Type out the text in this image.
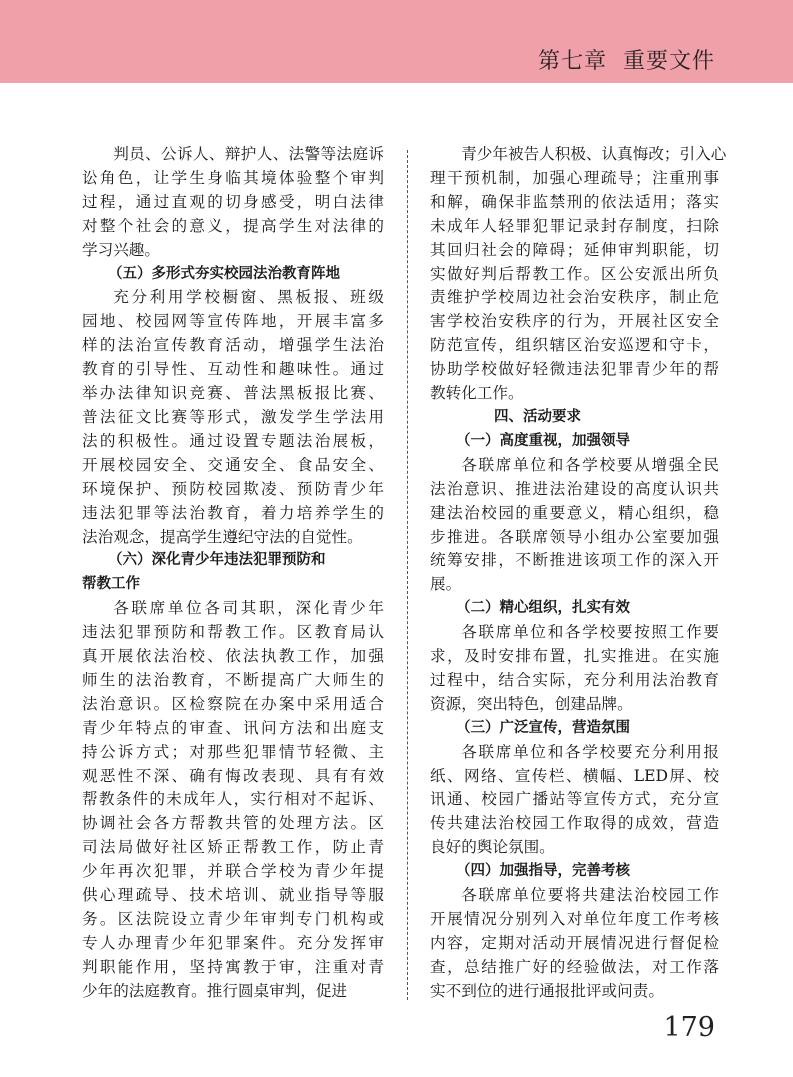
第七章  重要文件
判员、公诉人、辩护人、法警等法庭诉
讼角色，让学生身临其境体验整个审判
过程，通过直观的切身感受，明白法律
对整个社会的意义，提高学生对法律的
学习兴趣。
（五）多形式夯实校园法治教育阵地
充分利用学校橱窗、黑板报、班级
园地、校园网等宣传阵地，开展丰富多
样的法治宣传教育活动，增强学生法治
教育的引导性、互动性和趣味性。通过
举办法律知识竞赛、普法黑板报比赛、
普法征文比赛等形式，激发学生学法用
法的积极性。通过设置专题法治展板，
开展校园安全、交通安全、食品安全、
环境保护、预防校园欺凌、预防青少年
违法犯罪等法治教育，着力培养学生的
法治观念，提高学生遵纪守法的自觉性。
（六）深化青少年违法犯罪预防和
帮教工作
各联席单位各司其职，深化青少年
违法犯罪预防和帮教工作。区教育局认
真开展依法治校、依法执教工作，加强
师生的法治教育，不断提高广大师生的
法治意识。区检察院在办案中采用适合
青少年特点的审查、讯问方法和出庭支
持公诉方式；对那些犯罪情节轻微、主
观恶性不深、确有悔改表现、具有有效
帮教条件的未成年人，实行相对不起诉、
协调社会各方帮教共管的处理方法。区
司法局做好社区矫正帮教工作，防止青
少年再次犯罪，并联合学校为青少年提
供心理疏导、技术培训、就业指导等服
务。区法院设立青少年审判专门机构或
专人办理青少年犯罪案件。充分发挥审
判职能作用，坚持寓教于审，注重对青
少年的法庭教育。推行圆桌审判，促进
青少年被告人积极、认真悔改；引入心
理干预机制，加强心理疏导；注重刑事
和解，确保非监禁刑的依法适用；落实
未成年人轻罪犯罪记录封存制度，扫除
其回归社会的障碍；延伸审判职能，切
实做好判后帮教工作。区公安派出所负
责维护学校周边社会治安秩序，制止危
害学校治安秩序的行为，开展社区安全
防范宣传，组织辖区治安巡逻和守卡，
协助学校做好轻微违法犯罪青少年的帮
教转化工作。
四、活动要求
（一）高度重视，加强领导
各联席单位和各学校要从增强全民
法治意识、推进法治建设的高度认识共
建法治校园的重要意义，精心组织，稳
步推进。各联席领导小组办公室要加强
统筹安排，不断推进该项工作的深入开
展。
（二）精心组织，扎实有效
各联席单位和各学校要按照工作要
求，及时安排布置，扎实推进。在实施
过程中，结合实际，充分利用法治教育
资源，突出特色，创建品牌。
（三）广泛宣传，营造氛围
各联席单位和各学校要充分利用报
纸、网络、宣传栏、横幅、LED屏、校
讯通、校园广播站等宣传方式，充分宣
传共建法治校园工作取得的成效，营造
良好的舆论氛围。
（四）加强指导，完善考核
各联席单位要将共建法治校园工作
开展情况分别列入对单位年度工作考核
内容，定期对活动开展情况进行督促检
查，总结推广好的经验做法，对工作落
实不到位的进行通报批评或问责。
179
